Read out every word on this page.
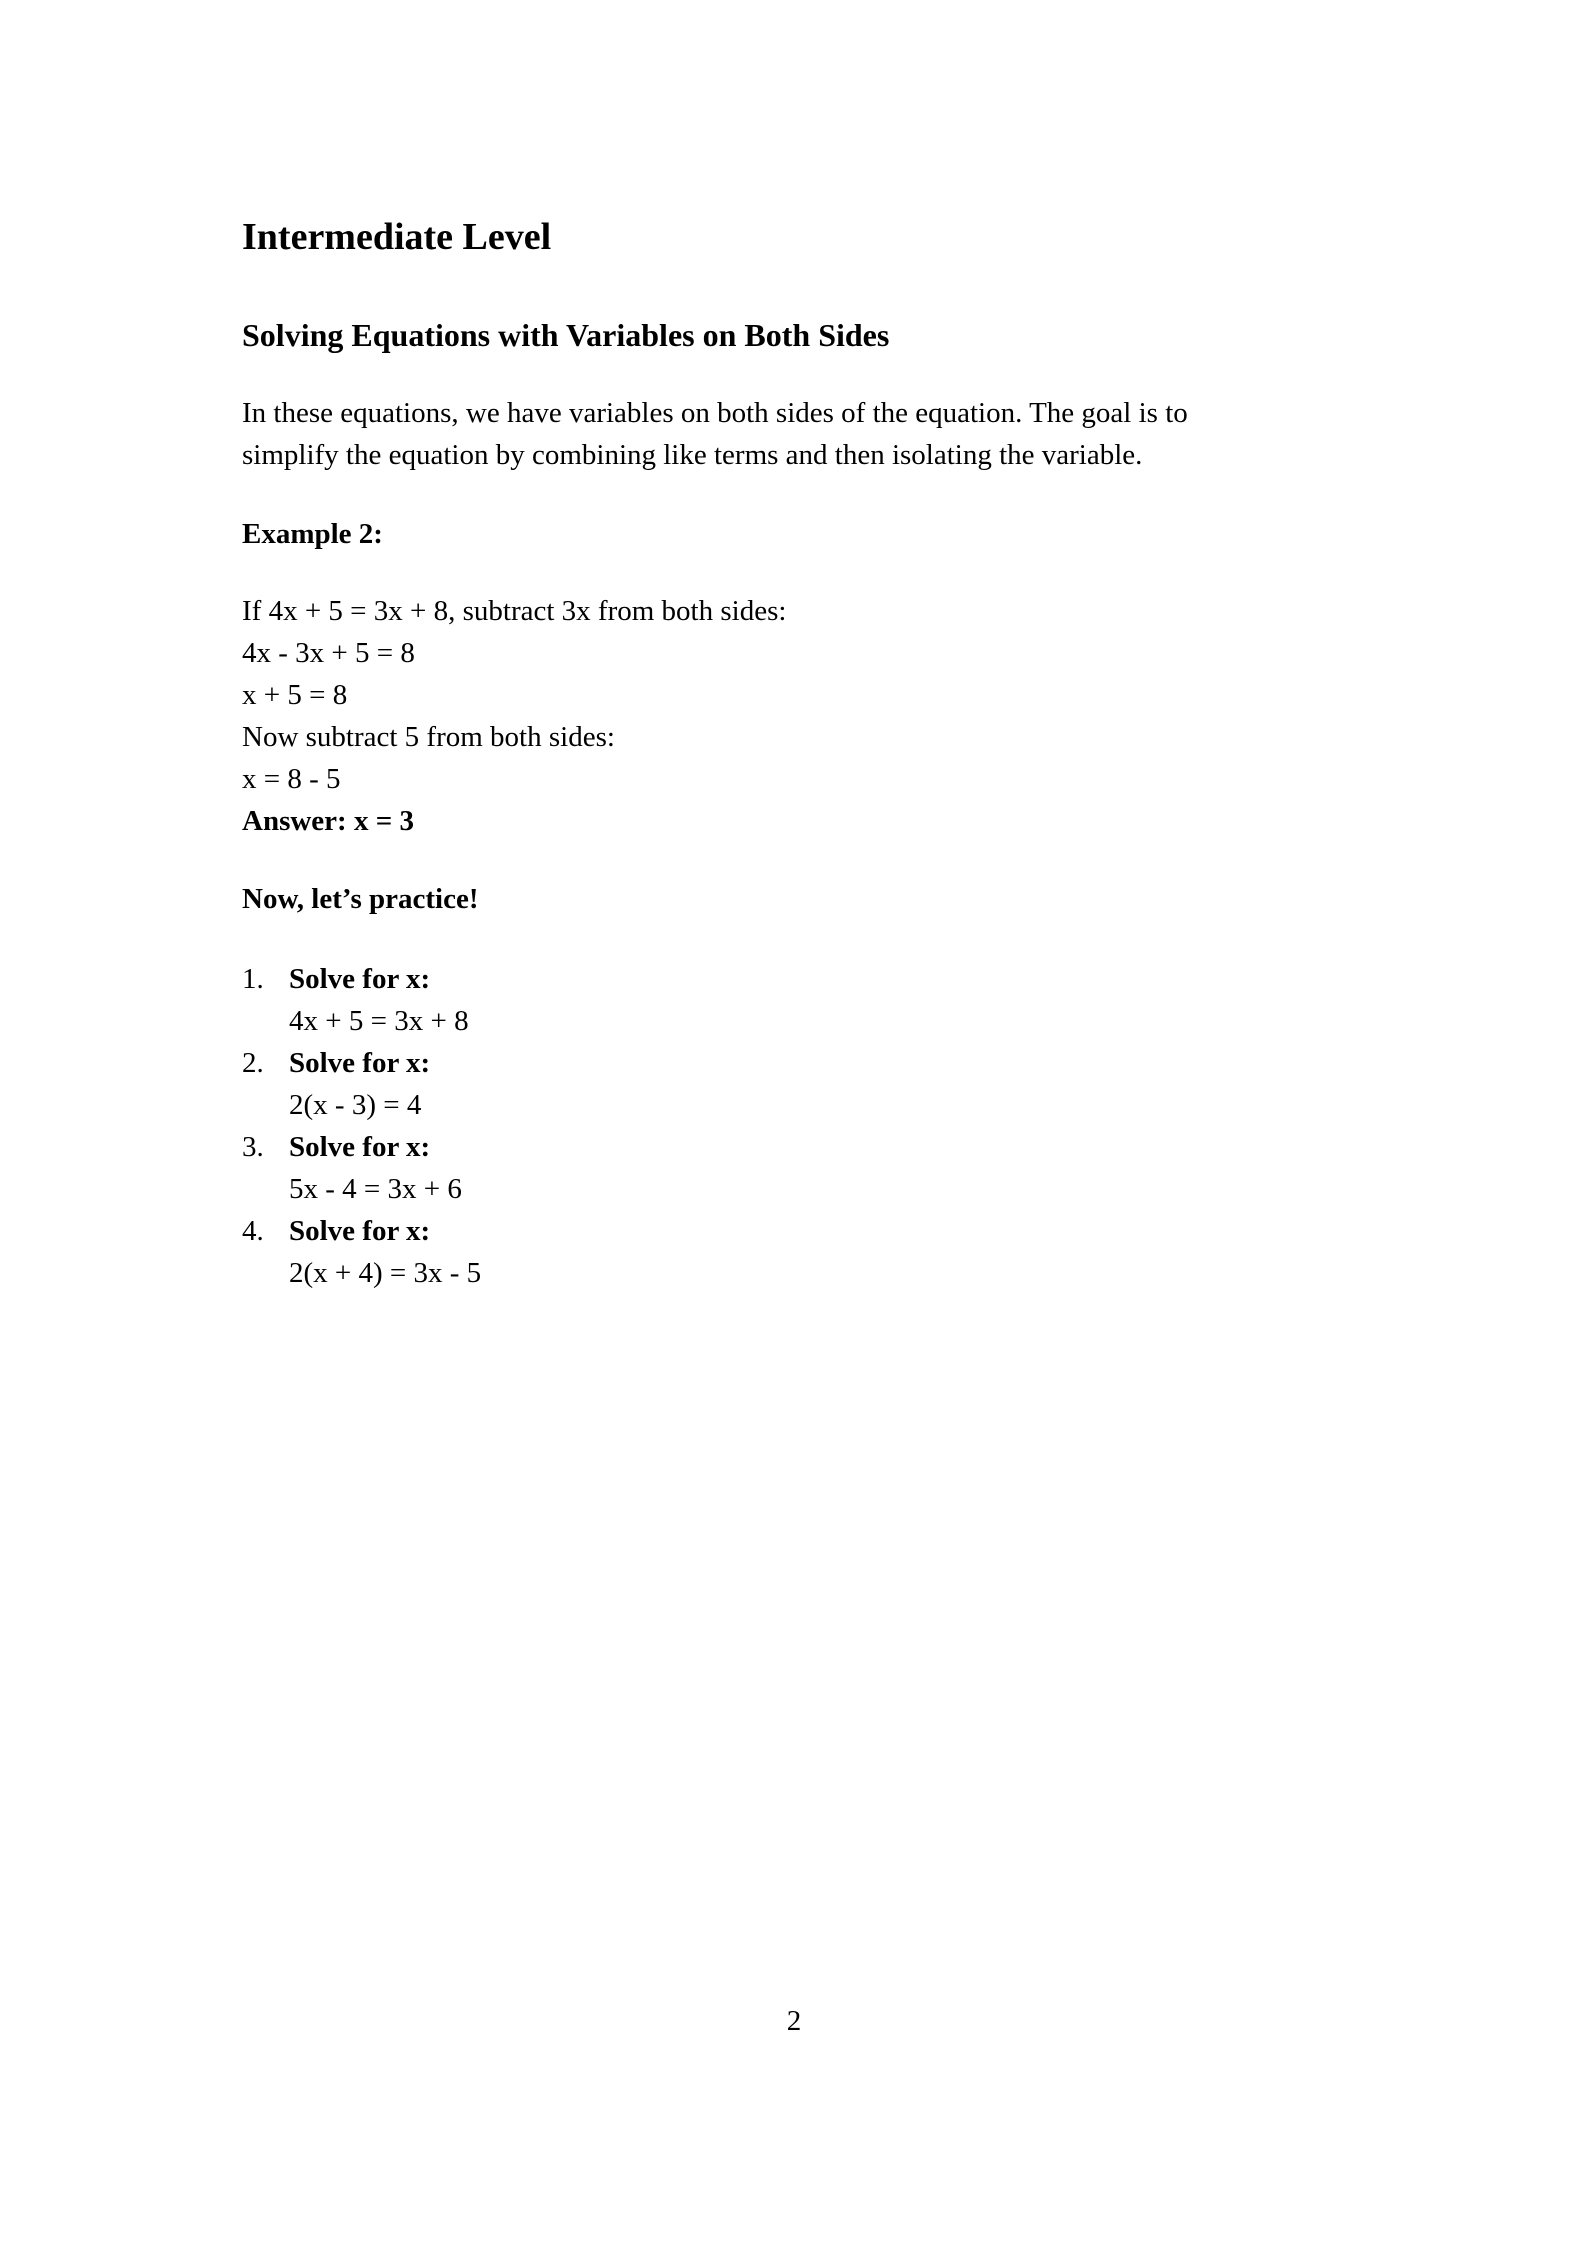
Intermediate Level
Solving Equations with Variables on Both Sides
In these equations, we have variables on both sides of the equation. The goal is to
simplify the equation by combining like terms and then isolating the variable.
Example 2:
If 4x + 5 = 3x + 8, subtract 3x from both sides:
4x - 3x + 5 = 8
x + 5 = 8
Now subtract 5 from both sides:
x = 8 - 5
Answer: x = 3
Now, let’s practice!
1. Solve for x:
4x + 5 = 3x + 8
2. Solve for x:
2(x - 3) = 4
3. Solve for x:
5x - 4 = 3x + 6
4. Solve for x:
2(x + 4) = 3x - 5
2
